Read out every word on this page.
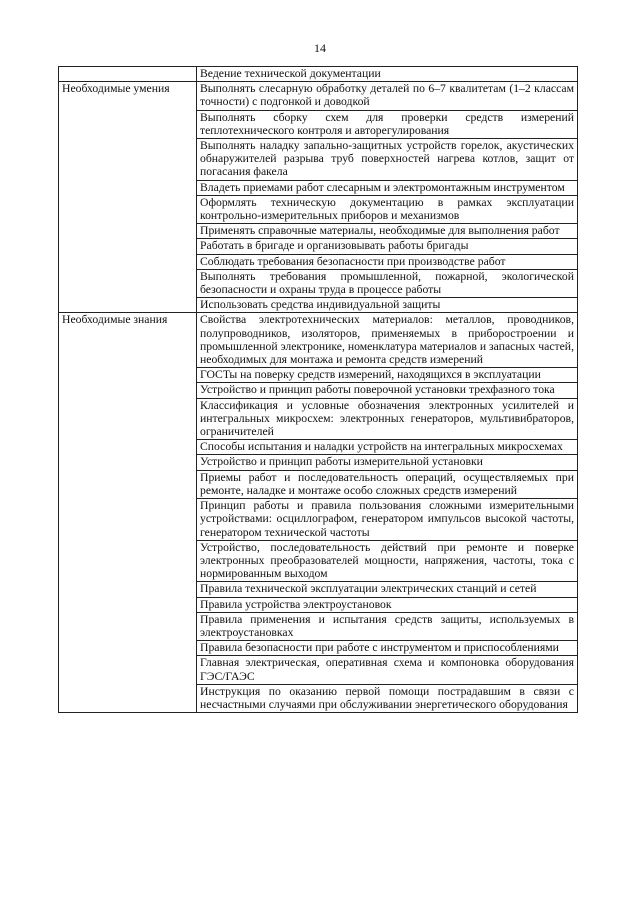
14
	Ведение технической документации
Необходимые умения	Выполнять слесарную обработку деталей по 6–7 квалитетам (1–2 классам точности) с подгонкой и доводкой
	Выполнять сборку схем для проверки средств измерений теплотехнического контроля и авторегулирования
	Выполнять наладку запально-защитных устройств горелок, акустических обнаружителей разрыва труб поверхностей нагрева котлов, защит от погасания факела
	Владеть приемами работ слесарным и электромонтажным инструментом
	Оформлять техническую документацию в рамках эксплуатации контрольно-измерительных приборов и механизмов
	Применять справочные материалы, необходимые для выполнения работ
	Работать в бригаде и организовывать работы бригады
	Соблюдать требования безопасности при производстве работ
	Выполнять требования промышленной, пожарной, экологической безопасности и охраны труда в процессе работы
	Использовать средства индивидуальной защиты
Необходимые знания	Свойства электротехнических материалов: металлов, проводников, полупроводников, изоляторов, применяемых в приборостроении и промышленной электронике, номенклатура материалов и запасных частей, необходимых для монтажа и ремонта средств измерений
	ГОСТы на поверку средств измерений, находящихся в эксплуатации
	Устройство и принцип работы поверочной установки трехфазного тока
	Классификация и условные обозначения электронных усилителей и интегральных микросхем: электронных генераторов, мультивибраторов, ограничителей
	Способы испытания и наладки устройств на интегральных микросхемах
	Устройство и принцип работы измерительной установки
	Приемы работ и последовательность операций, осуществляемых при ремонте, наладке и монтаже особо сложных средств измерений
	Принцип работы и правила пользования сложными измерительными устройствами: осциллографом, генератором импульсов высокой частоты, генератором технической частоты
	Устройство, последовательность действий при ремонте и поверке электронных преобразователей мощности, напряжения, частоты, тока с нормированным выходом
	Правила технической эксплуатации электрических станций и сетей
	Правила устройства электроустановок
	Правила применения и испытания средств защиты, используемых в электроустановках
	Правила безопасности при работе с инструментом и приспособлениями
	Главная электрическая, оперативная схема и компоновка оборудования ГЭС/ГАЭС
	Инструкция по оказанию первой помощи пострадавшим в связи с несчастными случаями при обслуживании энергетического оборудования
